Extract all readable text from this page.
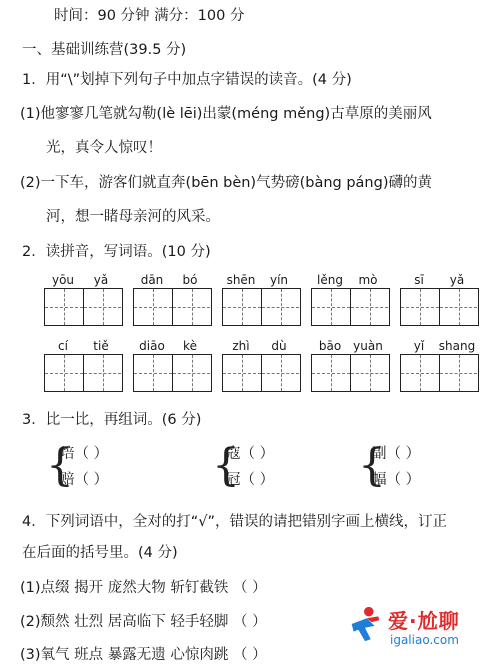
时间：90 分钟 满分：100 分
一、基础训练营(39.5 分)
1．用“\”划掉下列句子中加点字错误的读音。(4 分)
(1)他寥寥几笔就勾勒(lè lēi)出蒙(méng měng)古草原的美丽风
光，真令人惊叹！
(2)一下车，游客们就直奔(bēn bèn)气势磅(bàng páng)礴的黄
河，想一睹母亲河的风采。
2．读拼音，写词语。(10 分)
yōu	yǎ	dān	bó	shēn	yín	lěng	mò	sī	yǎ
cí	tiě	diāo	kè	zhì	dù	bāo	yuàn	yǐ	shang
3．比一比，再组词。(6 分)
{
培（ ）
赔（ ） {
寇（ ）
冠（ ） {
副（ ）
幅（ ）
4．下列词语中，全对的打“√”，错误的请把错别字画上横线，订正
在后面的括号里。(4 分)
(1)点缀 揭开 庞然大物 斩钉截铁 （ ）
(2)颓然 壮烈 居高临下 轻手轻脚 （ ）
(3)氧气 班点 暴露无遗 心惊肉跳 （ ）
爱·尬聊
igaliao.com
